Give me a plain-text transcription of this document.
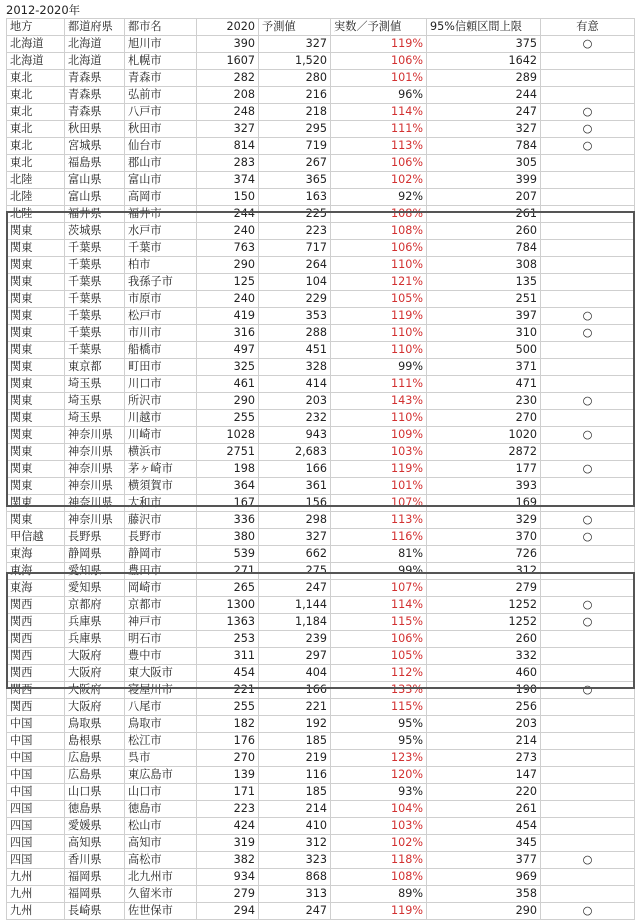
2012-2020年
地方	都道府県	都市名	2020	予測値	実数／予測値	95%信頼区間上限	有意
北海道	北海道	旭川市	390	327	119%	375	○
北海道	北海道	札幌市	1607	1,520	106%	1642	
東北	青森県	青森市	282	280	101%	289	
東北	青森県	弘前市	208	216	96%	244	
東北	青森県	八戸市	248	218	114%	247	○
東北	秋田県	秋田市	327	295	111%	327	○
東北	宮城県	仙台市	814	719	113%	784	○
東北	福島県	郡山市	283	267	106%	305	
北陸	富山県	富山市	374	365	102%	399	
北陸	富山県	高岡市	150	163	92%	207	
北陸	福井県	福井市	244	225	108%	261	
関東	茨城県	水戸市	240	223	108%	260	
関東	千葉県	千葉市	763	717	106%	784	
関東	千葉県	柏市	290	264	110%	308	
関東	千葉県	我孫子市	125	104	121%	135	
関東	千葉県	市原市	240	229	105%	251	
関東	千葉県	松戸市	419	353	119%	397	○
関東	千葉県	市川市	316	288	110%	310	○
関東	千葉県	船橋市	497	451	110%	500	
関東	東京都	町田市	325	328	99%	371	
関東	埼玉県	川口市	461	414	111%	471	
関東	埼玉県	所沢市	290	203	143%	230	○
関東	埼玉県	川越市	255	232	110%	270	
関東	神奈川県	川崎市	1028	943	109%	1020	○
関東	神奈川県	横浜市	2751	2,683	103%	2872	
関東	神奈川県	茅ヶ崎市	198	166	119%	177	○
関東	神奈川県	横須賀市	364	361	101%	393	
関東	神奈川県	大和市	167	156	107%	169	
関東	神奈川県	藤沢市	336	298	113%	329	○
甲信越	長野県	長野市	380	327	116%	370	○
東海	静岡県	静岡市	539	662	81%	726	
東海	愛知県	豊田市	271	275	99%	312	
東海	愛知県	岡崎市	265	247	107%	279	
関西	京都府	京都市	1300	1,144	114%	1252	○
関西	兵庫県	神戸市	1363	1,184	115%	1252	○
関西	兵庫県	明石市	253	239	106%	260	
関西	大阪府	豊中市	311	297	105%	332	
関西	大阪府	東大阪市	454	404	112%	460	
関西	大阪府	寝屋川市	221	166	133%	190	○
関西	大阪府	八尾市	255	221	115%	256	
中国	鳥取県	鳥取市	182	192	95%	203	
中国	島根県	松江市	176	185	95%	214	
中国	広島県	呉市	270	219	123%	273	
中国	広島県	東広島市	139	116	120%	147	
中国	山口県	山口市	171	185	93%	220	
四国	徳島県	徳島市	223	214	104%	261	
四国	愛媛県	松山市	424	410	103%	454	
四国	高知県	高知市	319	312	102%	345	
四国	香川県	高松市	382	323	118%	377	○
九州	福岡県	北九州市	934	868	108%	969	
九州	福岡県	久留米市	279	313	89%	358	
九州	長崎県	佐世保市	294	247	119%	290	○
